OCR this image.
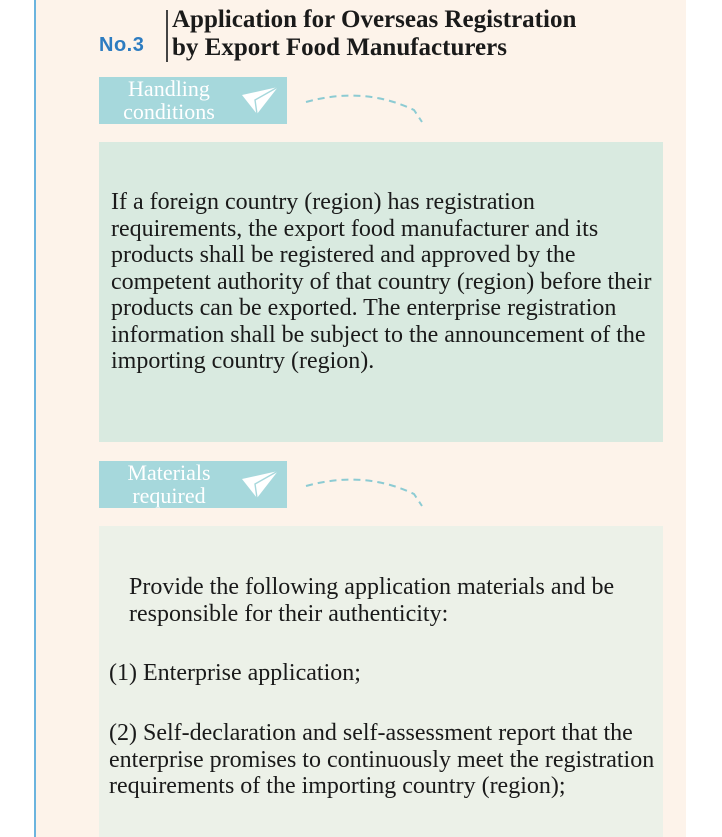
No.3
Application for Overseas Registration
by Export Food Manufacturers
Handling
conditions

If a foreign country (region) has registration requirements, the export food manufacturer and its products shall be registered and approved by the competent authority of that country (region) before their products can be exported. The enterprise registration information shall be subject to the announcement of the importing country (region).

Materials
required

Provide the following application materials and be responsible for their authenticity:

(1) Enterprise application;

(2) Self-declaration and self-assessment report that the enterprise promises to continuously meet the registration requirements of the importing country (region);
